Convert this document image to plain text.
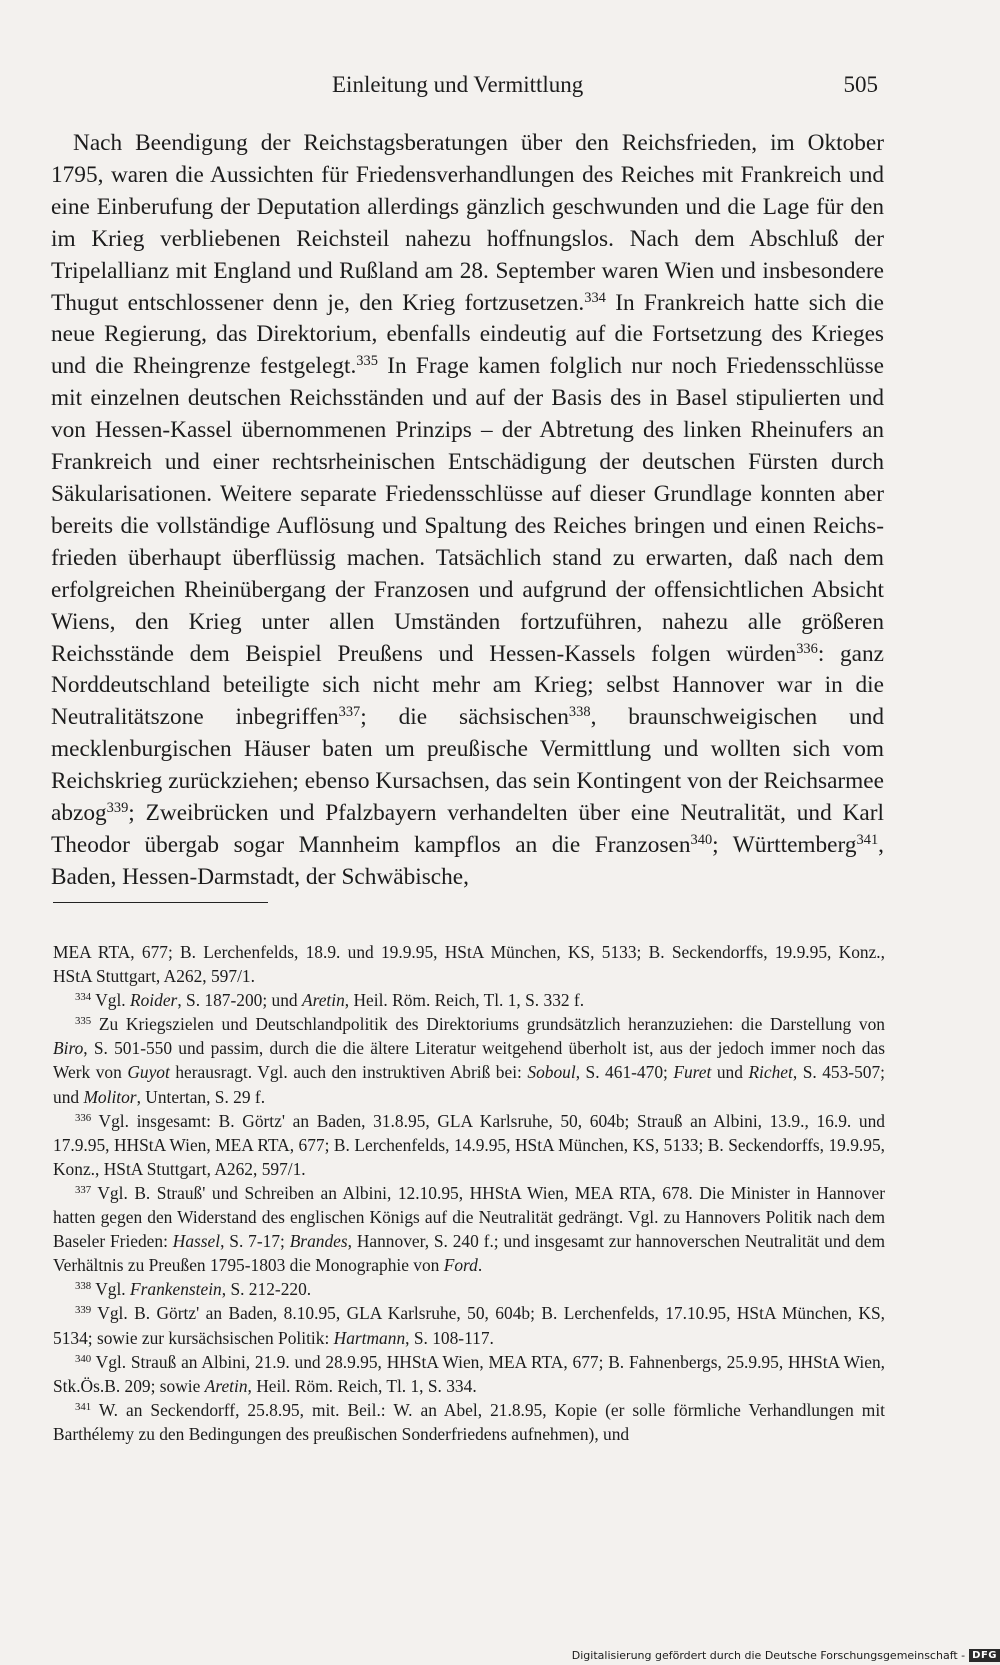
Einleitung und Vermittlung	505

Nach Beendigung der Reichstagsberatungen über den Reichsfrieden, im Oktober 1795, waren die Aussichten für Friedensverhandlungen des Reiches mit Frankreich und eine Einberufung der Deputation allerdings gänzlich geschwunden und die Lage für den im Krieg verbliebenen Reichsteil nahezu hoffnungslos. Nach dem Abschluß der Tripelallianz mit England und Rußland am 28. September waren Wien und insbesondere Thugut entschlossener denn je, den Krieg fortzusetzen.$^{334}$ In Frankreich hatte sich die neue Regierung, das Direktorium, ebenfalls eindeutig auf die Fortsetzung des Krieges und die Rheingrenze festgelegt.$^{335}$ In Frage kamen folglich nur noch Friedensschlüsse mit einzelnen deutschen Reichsständen und auf der Basis des in Basel stipulierten und von Hessen-Kassel übernommenen Prinzips – der Abtretung des linken Rheinufers an Frankreich und einer rechtsrheinischen Entschädigung der deutschen Fürsten durch Säkularisationen. Weitere separate Friedensschlüsse auf dieser Grundlage konnten aber bereits die vollständige Auflösung und Spaltung des Reiches bringen und einen Reichsfrieden überhaupt überflüssig machen. Tatsächlich stand zu erwarten, daß nach dem erfolgreichen Rheinübergang der Franzosen und aufgrund der offensichtlichen Absicht Wiens, den Krieg unter allen Umständen fortzuführen, nahezu alle größeren Reichsstände dem Beispiel Preußens und Hessen-Kassels folgen würden$^{336}$: ganz Norddeutschland beteiligte sich nicht mehr am Krieg; selbst Hannover war in die Neutralitätszone inbegriffen$^{337}$; die sächsischen$^{338}$, braunschweigischen und mecklenburgischen Häuser baten um preußische Vermittlung und wollten sich vom Reichskrieg zurückziehen; ebenso Kursachsen, das sein Kontingent von der Reichsarmee abzog$^{339}$; Zweibrücken und Pfalzbayern verhandelten über eine Neutralität, und Karl Theodor übergab sogar Mannheim kampflos an die Franzosen$^{340}$; Württemberg$^{341}$, Baden, Hessen-Darmstadt, der Schwäbische,

MEA RTA, 677; B. Lerchenfelds, 18.9. und 19.9.95, HStA München, KS, 5133; B. Seckendorffs, 19.9.95, Konz., HStA Stuttgart, A262, 597/1.

$^{334}$ Vgl. Roider, S. 187-200; und Aretin, Heil. Röm. Reich, Tl. 1, S. 332 f.

$^{335}$ Zu Kriegszielen und Deutschlandpolitik des Direktoriums grundsätzlich heranzuziehen: die Darstellung von Biro, S. 501-550 und passim, durch die die ältere Literatur weitgehend überholt ist, aus der jedoch immer noch das Werk von Guyot herausragt. Vgl. auch den instruktiven Abriß bei: Soboul, S. 461-470; Furet und Richet, S. 453-507; und Molitor, Untertan, S. 29 f.

$^{336}$ Vgl. insgesamt: B. Görtz' an Baden, 31.8.95, GLA Karlsruhe, 50, 604b; Strauß an Albini, 13.9., 16.9. und 17.9.95, HHStA Wien, MEA RTA, 677; B. Lerchenfelds, 14.9.95, HStA München, KS, 5133; B. Seckendorffs, 19.9.95, Konz., HStA Stuttgart, A262, 597/1.

$^{337}$ Vgl. B. Strauß' und Schreiben an Albini, 12.10.95, HHStA Wien, MEA RTA, 678. Die Minister in Hannover hatten gegen den Widerstand des englischen Königs auf die Neutralität gedrängt. Vgl. zu Hannovers Politik nach dem Baseler Frieden: Hassel, S. 7-17; Brandes, Hannover, S. 240 f.; und insgesamt zur hannoverschen Neutralität und dem Verhältnis zu Preußen 1795-1803 die Monographie von Ford.

$^{338}$ Vgl. Frankenstein, S. 212-220.

$^{339}$ Vgl. B. Görtz' an Baden, 8.10.95, GLA Karlsruhe, 50, 604b; B. Lerchenfelds, 17.10.95, HStA München, KS, 5134; sowie zur kursächsischen Politik: Hartmann, S. 108-117.

$^{340}$ Vgl. Strauß an Albini, 21.9. und 28.9.95, HHStA Wien, MEA RTA, 677; B. Fahnenbergs, 25.9.95, HHStA Wien, Stk.Ös.B. 209; sowie Aretin, Heil. Röm. Reich, Tl. 1, S. 334.

$^{341}$ W. an Seckendorff, 25.8.95, mit. Beil.: W. an Abel, 21.8.95, Kopie (er solle förmliche Verhandlungen mit Barthélemy zu den Bedingungen des preußischen Sonderfriedens aufnehmen), und

Digitalisierung gefördert durch die Deutsche Forschungsgemeinschaft - DFG
